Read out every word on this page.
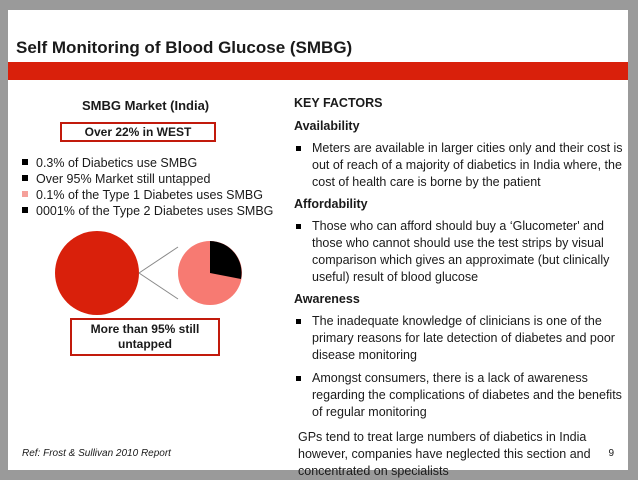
Self Monitoring of Blood Glucose (SMBG)
SMBG Market (India)
Over 22% in WEST
0.3% of Diabetics use SMBG
Over 95% Market still untapped
0.1% of the Type 1 Diabetes uses SMBG
0001% of the Type 2 Diabetes uses SMBG
More than 95% still untapped
KEY FACTORS
Availability
Meters are available in larger cities only and their cost is out of reach of a majority of diabetics in India where, the cost of health care is borne by the patient
Affordability
Those who can afford should buy a ‘Glucometer' and those who cannot should use the test strips by visual comparison which gives an approximate (but clinically useful) result of blood glucose
Awareness
The inadequate knowledge of clinicians is one of the primary reasons for late detection of diabetes and poor disease monitoring
Amongst consumers, there is a lack of awareness regarding the complications of diabetes and the benefits of regular monitoring
GPs tend to treat large numbers of diabetics in India however, companies have neglected this section and concentrated on specialists
Ref: Frost & Sullivan 2010 Report	9
